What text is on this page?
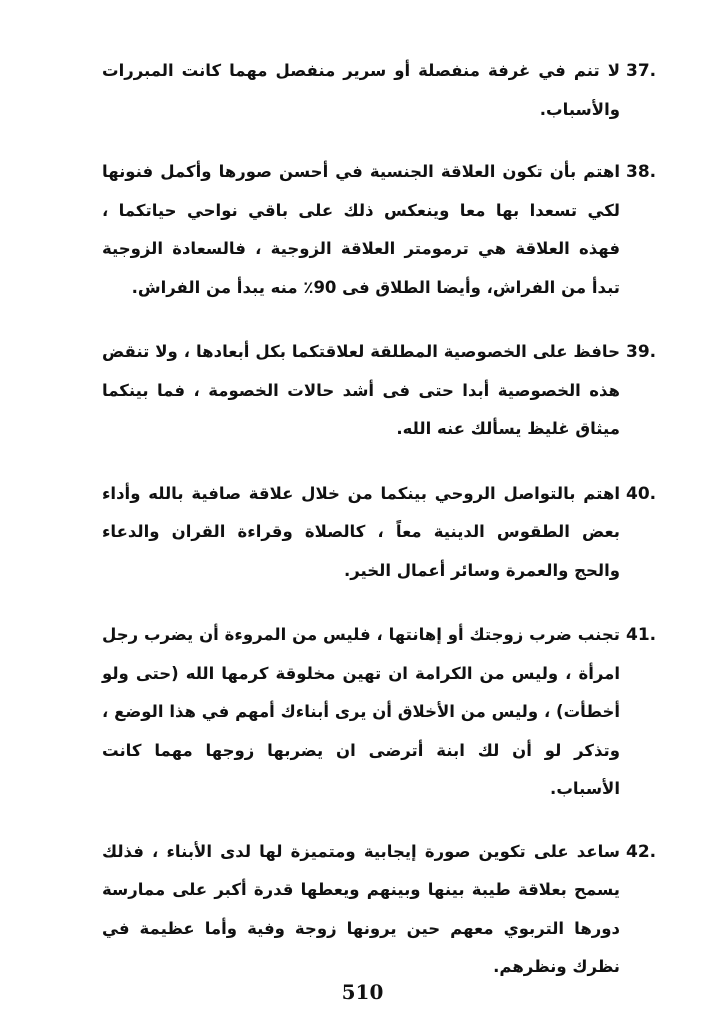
37.
لا تنم في غرفة منفصلة أو سرير منفصل مهما كانت المبررات والأسباب.
38.
اهتم بأن تكون العلاقة الجنسية في أحسن صورها وأكمل فنونها لكي تسعدا بها معا وينعكس ذلك على باقي نواحي حياتكما ، فهذه العلاقة هي ترمومتر العلاقة الزوجية ، فالسعادة الزوجية تبدأ من الفراش، وأيضا الطلاق فى 90٪ منه يبدأ من الفراش.
39.
حافظ على الخصوصية المطلقة لعلاقتكما بكل أبعادها ، ولا تنقض هذه الخصوصية أبدا حتى فى أشد حالات الخصومة ، فما بينكما ميثاق غليظ يسألك عنه الله.
40.
اهتم بالتواصل الروحي بينكما من خلال علاقة صافية بالله وأداء بعض الطقوس الدينية معاً ، كالصلاة وقراءة القران والدعاء والحج والعمرة وسائر أعمال الخير.
41.
تجنب ضرب زوجتك أو إهانتها ، فليس من المروءة أن يضرب رجل امرأة ، وليس من الكرامة ان تهين مخلوقة كرمها الله (حتى ولو أخطأت) ، وليس من الأخلاق أن يرى أبناءك أمهم في هذا الوضع ، وتذكر لو أن لك ابنة أترضى ان يضربها زوجها مهما كانت الأسباب.
42.
ساعد على تكوين صورة إيجابية ومتميزة لها لدى الأبناء ، فذلك يسمح بعلاقة طيبة بينها وبينهم ويعطها قدرة أكبر على ممارسة دورها التربوي معهم حين يرونها زوجة وفية وأما عظيمة في نظرك ونظرهم.
510
